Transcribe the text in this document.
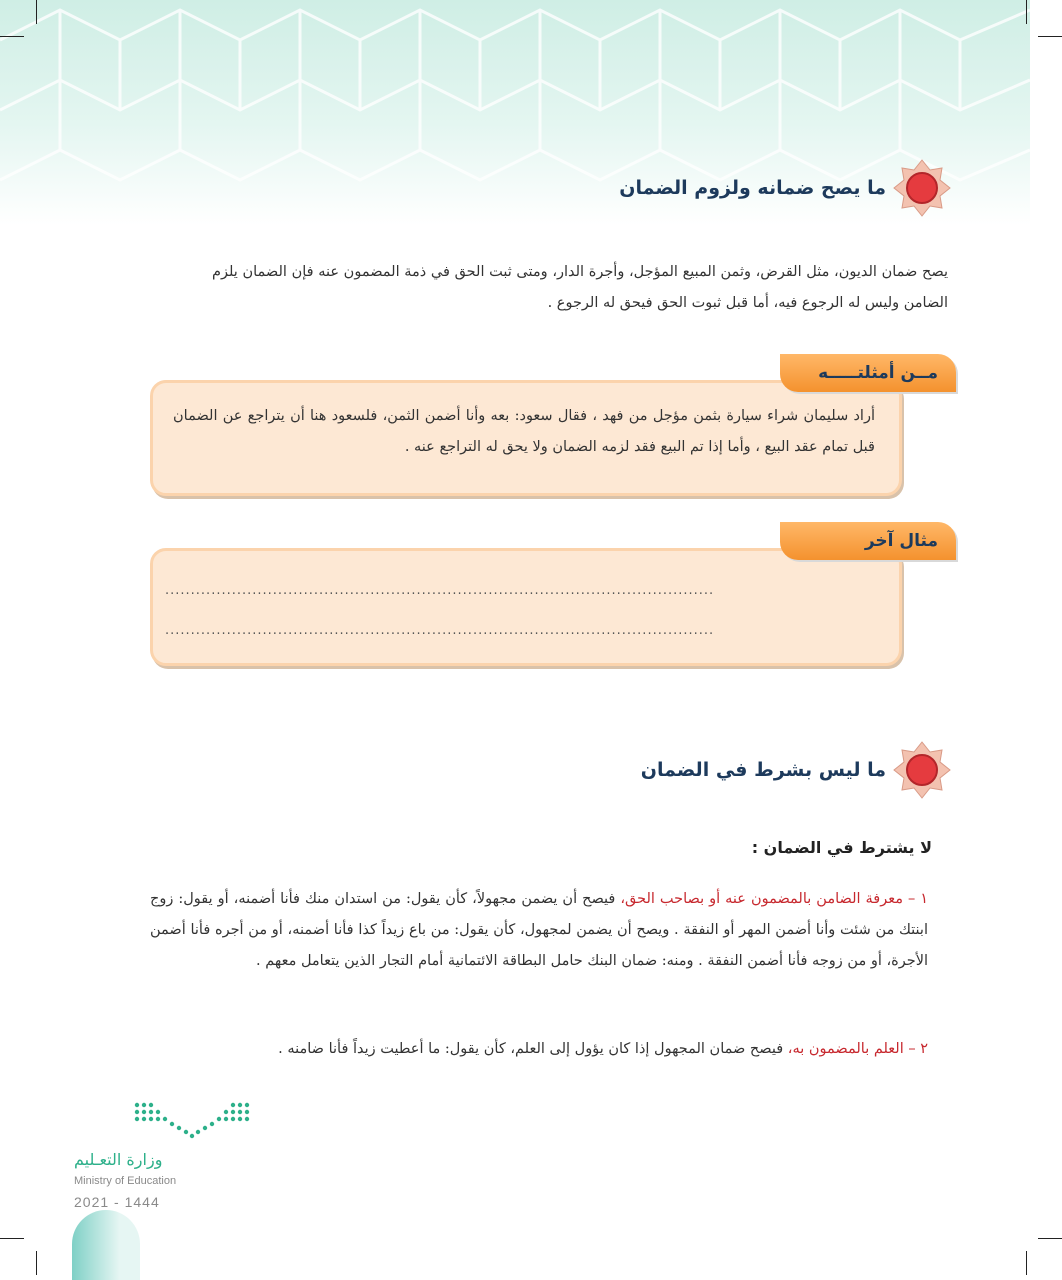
ما يصح ضمانه ولزوم الضمان
يصح ضمان الديون، مثل القرض، وثمن المبيع المؤجل، وأجرة الدار، ومتى ثبت الحق في ذمة المضمون عنه فإن الضمان يلزم الضامن وليس له الرجوع فيه، أما قبل ثبوت الحق فيحق له الرجوع .
أراد سليمان شراء سيارة بثمن مؤجل من فهد ، فقال سعود: بعه وأنا أضمن الثمن، فلسعود هنا أن يتراجع عن الضمان قبل تمام عقد البيع ، وأما إذا تم البيع فقد لزمه الضمان ولا يحق له التراجع عنه .
مــن أمثلتـــــه
...........................................................................................................
...........................................................................................................
مثال آخر
ما ليس بشرط في الضمان
لا يشترط في الضمان :
١ – معرفة الضامن بالمضمون عنه أو بصاحب الحق، فيصح أن يضمن مجهولاً، كأن يقول: من استدان منك فأنا أضمنه، أو يقول: زوج ابنتك من شئت وأنا أضمن المهر أو النفقة . ويصح أن يضمن لمجهول، كأن يقول: من باع زيداً كذا فأنا أضمنه، أو من أجره فأنا أضمن الأجرة، أو من زوجه فأنا أضمن النفقة . ومنه: ضمان البنك حامل البطاقة الائتمانية أمام التجار الذين يتعامل معهم .
٢ – العلم بالمضمون به، فيصح ضمان المجهول إذا كان يؤول إلى العلم، كأن يقول: ما أعطيت زيداً فأنا ضامنه .
وزارة التعـليم
Ministry of Education
2021 - 1444
